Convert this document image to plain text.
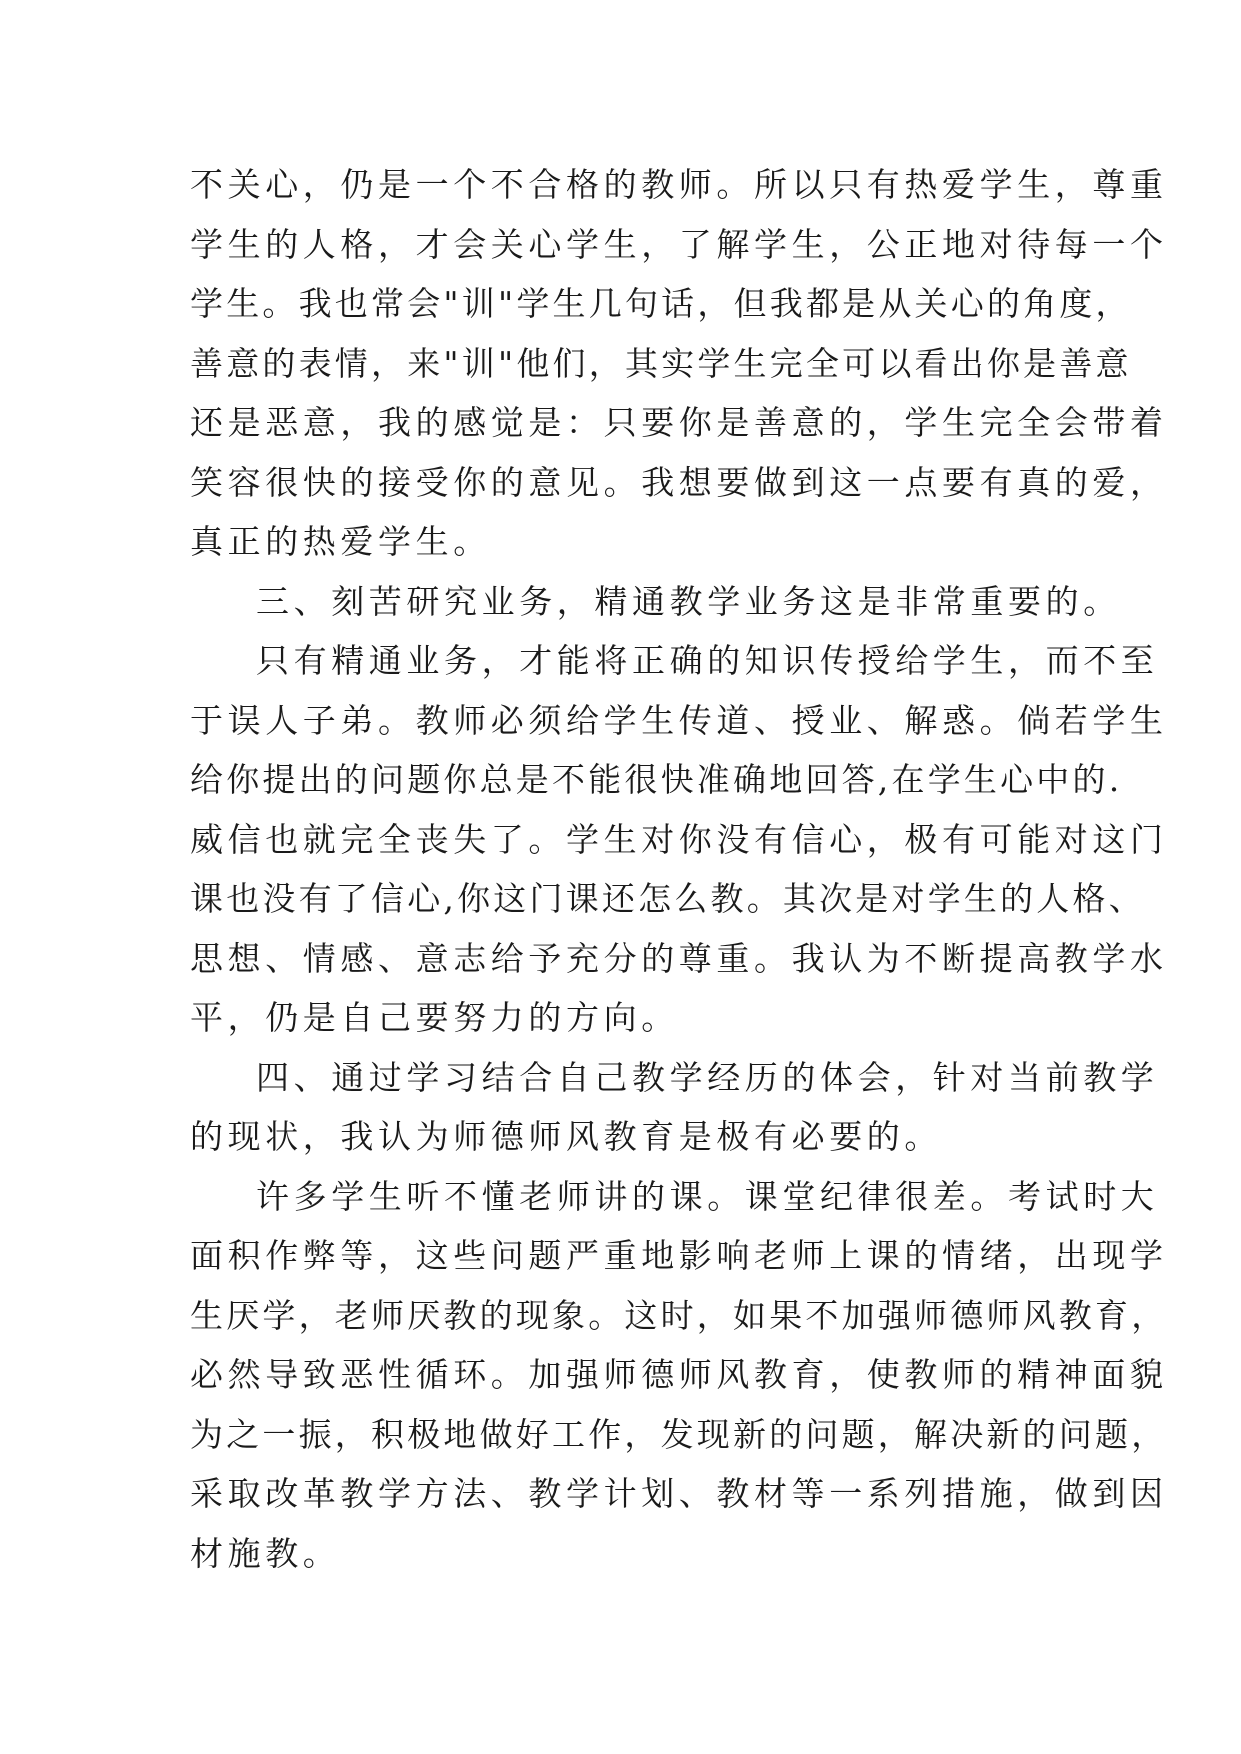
不关心，仍是一个不合格的教师。所以只有热爱学生，尊重
学生的人格，才会关心学生，了解学生，公正地对待每一个
学生。我也常会"训"学生几句话，但我都是从关心的角度，
善意的表情，来"训"他们，其实学生完全可以看出你是善意
还是恶意，我的感觉是：只要你是善意的，学生完全会带着
笑容很快的接受你的意见。我想要做到这一点要有真的爱，
真正的热爱学生。
三、刻苦研究业务，精通教学业务这是非常重要的。
只有精通业务，才能将正确的知识传授给学生，而不至
于误人子弟。教师必须给学生传道、授业、解惑。倘若学生
给你提出的问题你总是不能很快准确地回答,在学生心中的.
威信也就完全丧失了。学生对你没有信心，极有可能对这门
课也没有了信心,你这门课还怎么教。其次是对学生的人格、
思想、情感、意志给予充分的尊重。我认为不断提高教学水
平，仍是自己要努力的方向。
四、通过学习结合自己教学经历的体会，针对当前教学
的现状，我认为师德师风教育是极有必要的。
许多学生听不懂老师讲的课。课堂纪律很差。考试时大
面积作弊等，这些问题严重地影响老师上课的情绪，出现学
生厌学，老师厌教的现象。这时，如果不加强师德师风教育，
必然导致恶性循环。加强师德师风教育，使教师的精神面貌
为之一振，积极地做好工作，发现新的问题，解决新的问题，
采取改革教学方法、教学计划、教材等一系列措施，做到因
材施教。
